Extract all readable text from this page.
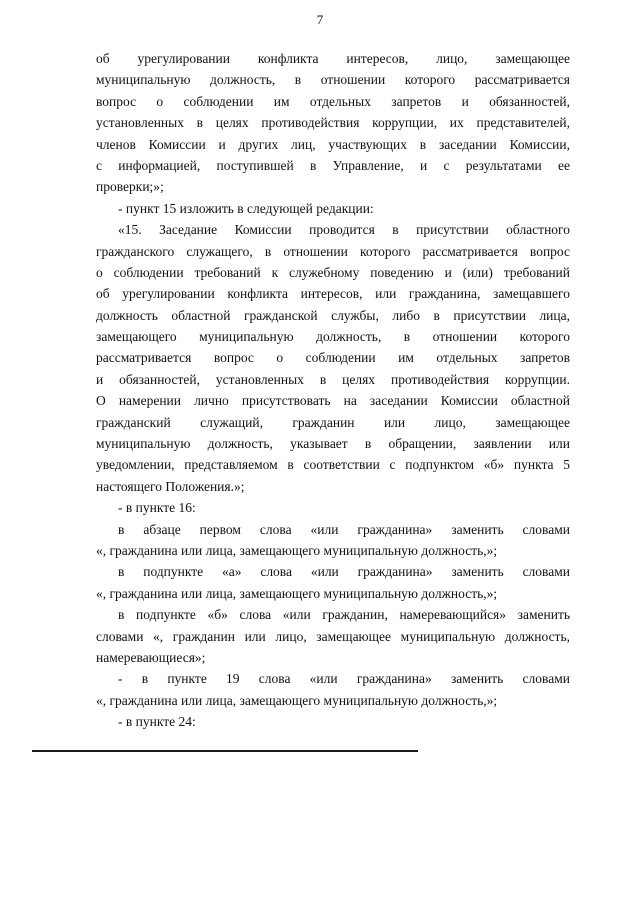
7
об урегулировании конфликта интересов, лицо, замещающее
муниципальную должность, в отношении которого рассматривается
вопрос о соблюдении им отдельных запретов и обязанностей,
установленных в целях противодействия коррупции, их представителей,
членов Комиссии и других лиц, участвующих в заседании Комиссии,
с информацией, поступившей в Управление, и с результатами ее
проверки;»;
- пункт 15 изложить в следующей редакции:
«15. Заседание Комиссии проводится в присутствии областного
гражданского служащего, в отношении которого рассматривается вопрос
о соблюдении требований к служебному поведению и (или) требований
об урегулировании конфликта интересов, или гражданина, замещавшего
должность областной гражданской службы, либо в присутствии лица,
замещающего муниципальную должность, в отношении которого
рассматривается вопрос о соблюдении им отдельных запретов
и обязанностей, установленных в целях противодействия коррупции.
О намерении лично присутствовать на заседании Комиссии областной
гражданский служащий, гражданин или лицо, замещающее
муниципальную должность, указывает в обращении, заявлении или
уведомлении, представляемом в соответствии с подпунктом «б» пункта 5
настоящего Положения.»;
- в пункте 16:
в абзаце первом слова «или гражданина» заменить словами
«, гражданина или лица, замещающего муниципальную должность,»;
в подпункте «а» слова «или гражданина» заменить словами
«, гражданина или лица, замещающего муниципальную должность,»;
в подпункте «б» слова «или гражданин, намеревающийся» заменить
словами «, гражданин или лицо, замещающее муниципальную должность,
намеревающиеся»;
- в пункте 19 слова «или гражданина» заменить словами
«, гражданина или лица, замещающего муниципальную должность,»;
- в пункте 24:
